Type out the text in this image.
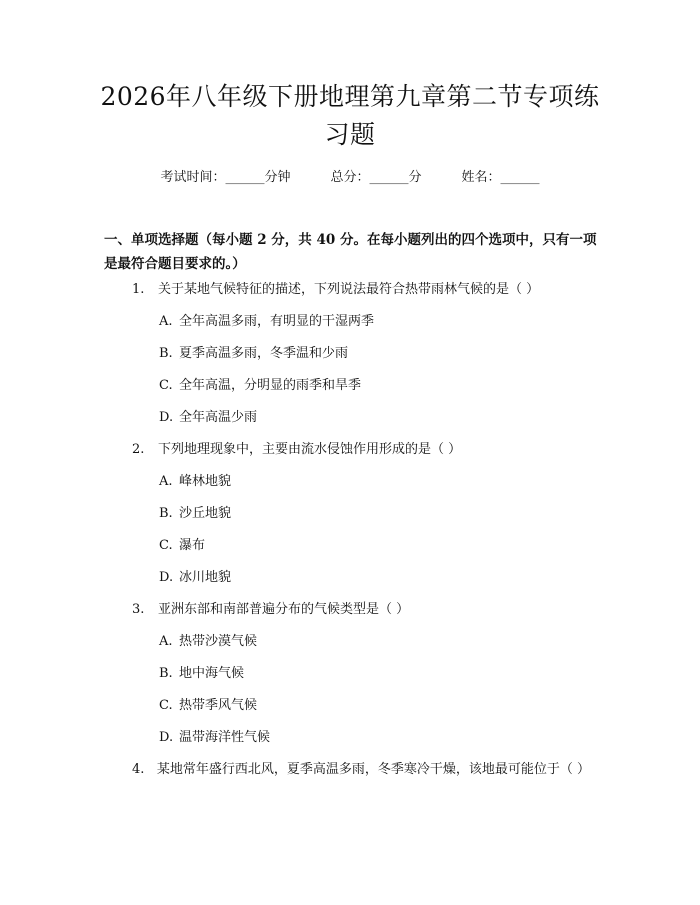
2026年八年级下册地理第九章第二节专项练习题
考试时间：______分钟	总分：______分	姓名：______

一、单项选择题（每小题 2 分，共 40 分。在每小题列出的四个选项中，只有一项是最符合题目要求的。）

1. 关于某地气候特征的描述，下列说法最符合热带雨林气候的是（ ）

A. 全年高温多雨，有明显的干湿两季

B. 夏季高温多雨，冬季温和少雨

C. 全年高温，分明显的雨季和旱季

D. 全年高温少雨

2. 下列地理现象中，主要由流水侵蚀作用形成的是（ ）

A. 峰林地貌

B. 沙丘地貌

C. 瀑布

D. 冰川地貌

3. 亚洲东部和南部普遍分布的气候类型是（ ）

A. 热带沙漠气候

B. 地中海气候

C. 热带季风气候

D. 温带海洋性气候

4. 某地常年盛行西北风，夏季高温多雨，冬季寒冷干燥，该地最可能位于（ ）
